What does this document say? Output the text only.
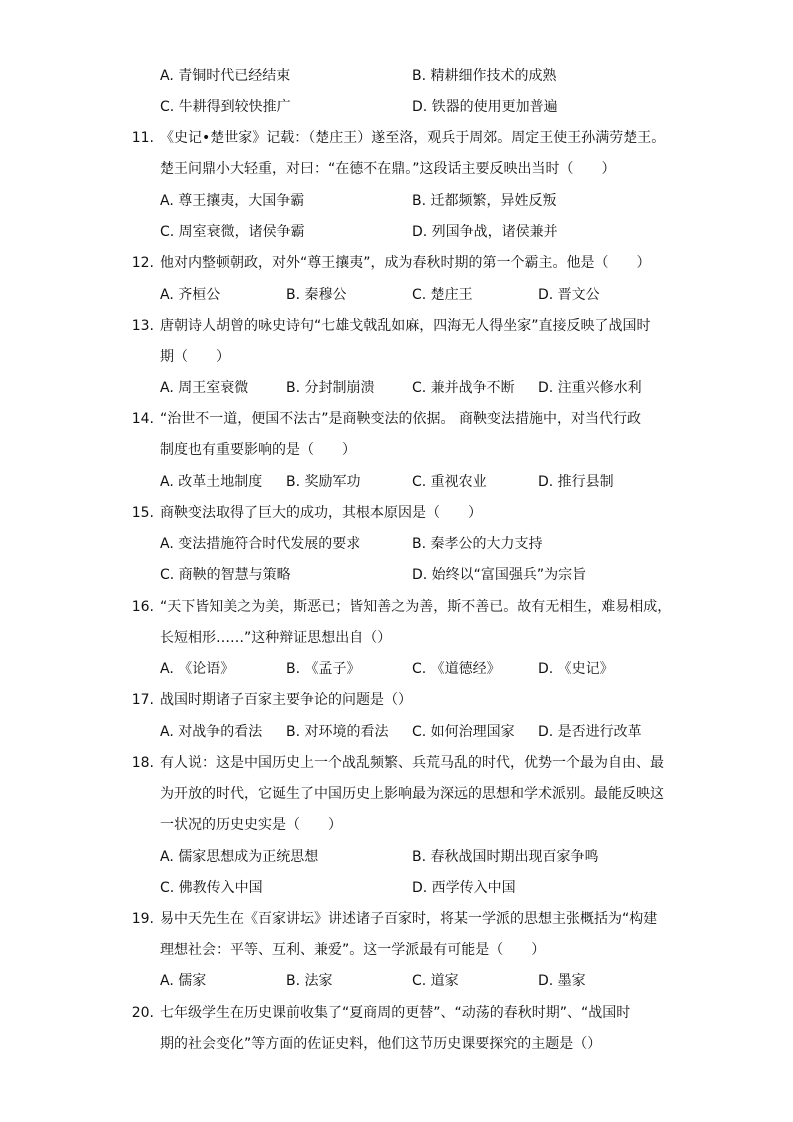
A. 青铜时代已经结束	B. 精耕细作技术的成熟
C. 牛耕得到较快推广	D. 铁器的使用更加普遍
11. 《史记•楚世家》记载：（楚庄王）遂至洛，观兵于周郊。周定王使王孙满劳楚王。
楚王问鼎小大轻重，对曰：“在德不在鼎。”这段话主要反映出当时（　　）
A. 尊王攘夷，大国争霸	B. 迁都频繁，异姓反叛
C. 周室衰微，诸侯争霸	D. 列国争战，诸侯兼并
12. 他对内整顿朝政，对外“尊王攘夷”，成为春秋时期的第一个霸主。他是（　　）
A. 齐桓公	B. 秦穆公	C. 楚庄王	D. 晋文公
13. 唐朝诗人胡曾的咏史诗句“七雄戈戟乱如麻，四海无人得坐家”直接反映了战国时
期（　　）
A. 周王室衰微	B. 分封制崩溃	C. 兼并战争不断 D. 注重兴修水利
14. “治世不一道，便国不法古”是商鞅变法的依据。 商鞅变法措施中，对当代行政
制度也有重要影响的是（　　）
A. 改革土地制度 B. 奖励军功	C. 重视农业	D. 推行县制
15. 商鞅变法取得了巨大的成功，其根本原因是（　　）
A. 变法措施符合时代发展的要求	B. 秦孝公的大力支持
C. 商鞅的智慧与策略	D. 始终以“富国强兵”为宗旨
16. “天下皆知美之为美，斯恶已；皆知善之为善，斯不善已。故有无相生，难易相成，
长短相形……”这种辩证思想出自（）
A. 《论语》	B. 《孟子》	C. 《道德经》	D. 《史记》
17. 战国时期诸子百家主要争论的问题是（）
A. 对战争的看法 B. 对环境的看法 C. 如何治理国家 D. 是否进行改革
18. 有人说：这是中国历史上一个战乱频繁、兵荒马乱的时代，优势一个最为自由、最
为开放的时代，它诞生了中国历史上影响最为深远的思想和学术派别。最能反映这
一状况的历史史实是（　　）
A. 儒家思想成为正统思想	B. 春秋战国时期出现百家争鸣
C. 佛教传入中国	D. 西学传入中国
19. 易中天先生在《百家讲坛》讲述诸子百家时，将某一学派的思想主张概括为“构建
理想社会：平等、互利、兼爱”。这一学派最有可能是（　　）
A. 儒家	B. 法家	C. 道家	D. 墨家
20. 七年级学生在历史课前收集了“夏商周的更替”、“动荡的春秋时期”、“战国时
期的社会变化”等方面的佐证史料，他们这节历史课要探究的主题是（）
